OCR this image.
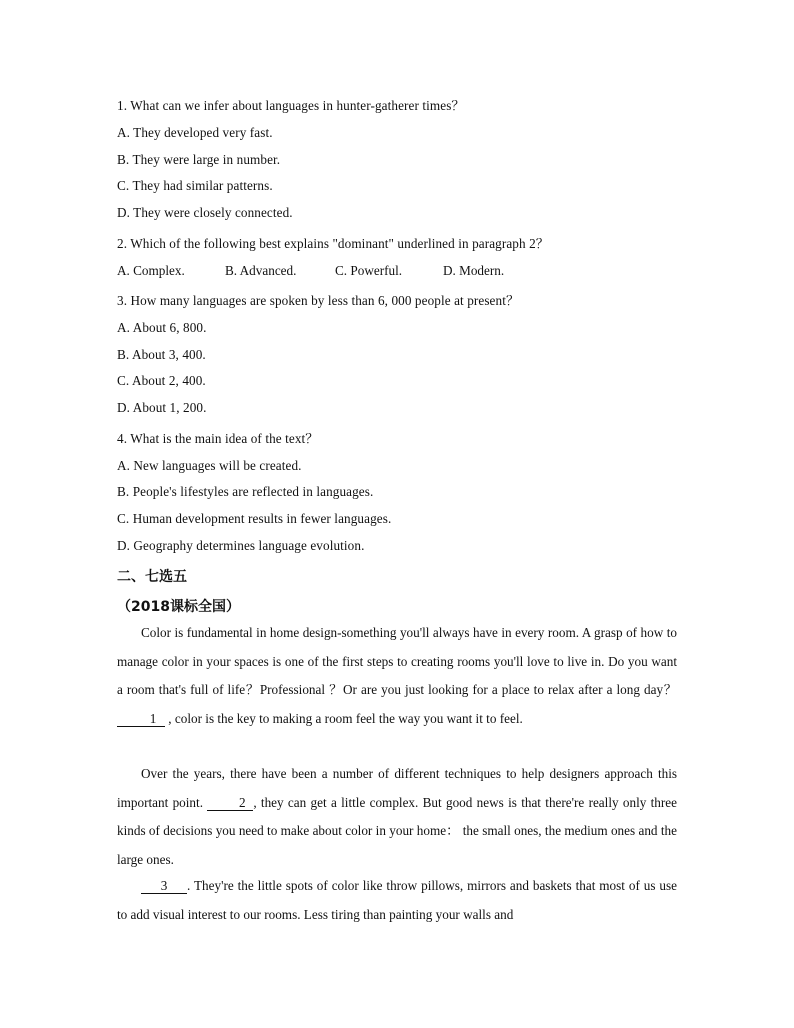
1. What can we infer about languages in hunter-gatherer times？
A. They developed very fast.
B. They were large in number.
C. They had similar patterns.
D. They were closely connected.
2. Which of the following best explains "dominant" underlined in paragraph 2？
A. Complex.	B. Advanced.	C. Powerful.	D. Modern.
3. How many languages are spoken by less than 6, 000 people at present？
A. About 6, 800.
B. About 3, 400.
C. About 2, 400.
D. About 1, 200.
4. What is the main idea of the text？
A. New languages will be created.
B. People's lifestyles are reflected in languages.
C. Human development results in fewer languages.
D. Geography determines language evolution.
二、七选五
（2018课标全国）
Color is fundamental in home design-something you'll always have in every room. A grasp of how to manage color in your spaces is one of the first steps to creating rooms you'll love to live in. Do you want a room that's full of life？Professional ？Or are you just looking for a place to relax after a long day？ 1 , color is the key to making a room feel the way you want it to feel.
Over the years, there have been a number of different techniques to help designers approach this important point.	2 , they can get a little complex. But good news is that there're really only three kinds of decisions you need to make about color in your home： the small ones, the medium ones and the large ones.
3 . They're the little spots of color like throw pillows, mirrors and baskets that most of us use to add visual interest to our rooms. Less tiring than painting your walls and
